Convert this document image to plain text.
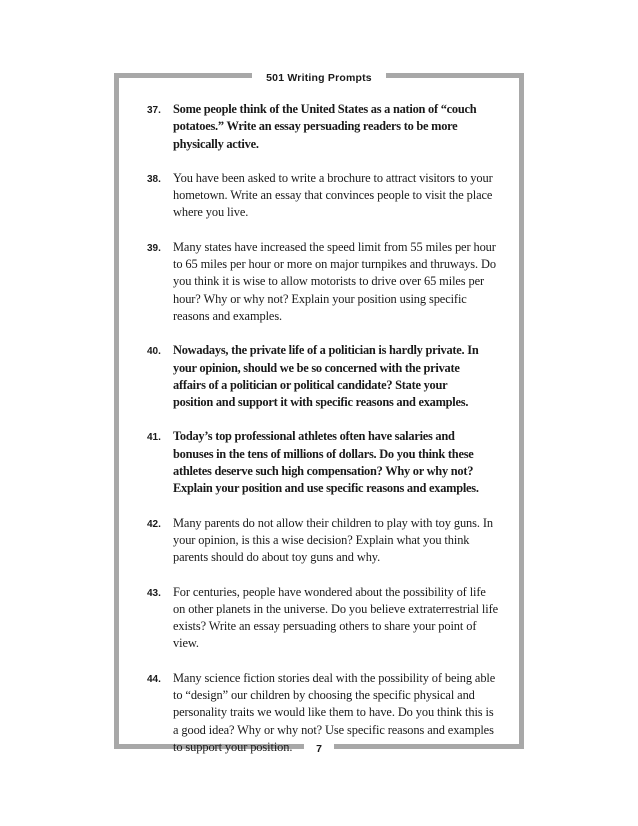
501 Writing Prompts
37. Some people think of the United States as a nation of “couch
potatoes.” Write an essay persuading readers to be more
physically active.
38. You have been asked to write a brochure to attract visitors to your
hometown. Write an essay that convinces people to visit the place
where you live.
39. Many states have increased the speed limit from 55 miles per hour
to 65 miles per hour or more on major turnpikes and thruways. Do
you think it is wise to allow motorists to drive over 65 miles per
hour? Why or why not? Explain your position using specific
reasons and examples.
40. Nowadays, the private life of a politician is hardly private. In
your opinion, should we be so concerned with the private
affairs of a politician or political candidate? State your
position and support it with specific reasons and examples.
41. Today’s top professional athletes often have salaries and
bonuses in the tens of millions of dollars. Do you think these
athletes deserve such high compensation? Why or why not?
Explain your position and use specific reasons and examples.
42. Many parents do not allow their children to play with toy guns. In
your opinion, is this a wise decision? Explain what you think
parents should do about toy guns and why.
43. For centuries, people have wondered about the possibility of life
on other planets in the universe. Do you believe extraterrestrial life
exists? Write an essay persuading others to share your point of
view.
44. Many science fiction stories deal with the possibility of being able
to “design” our children by choosing the specific physical and
personality traits we would like them to have. Do you think this is
a good idea? Why or why not? Use specific reasons and examples
to support your position.	7
